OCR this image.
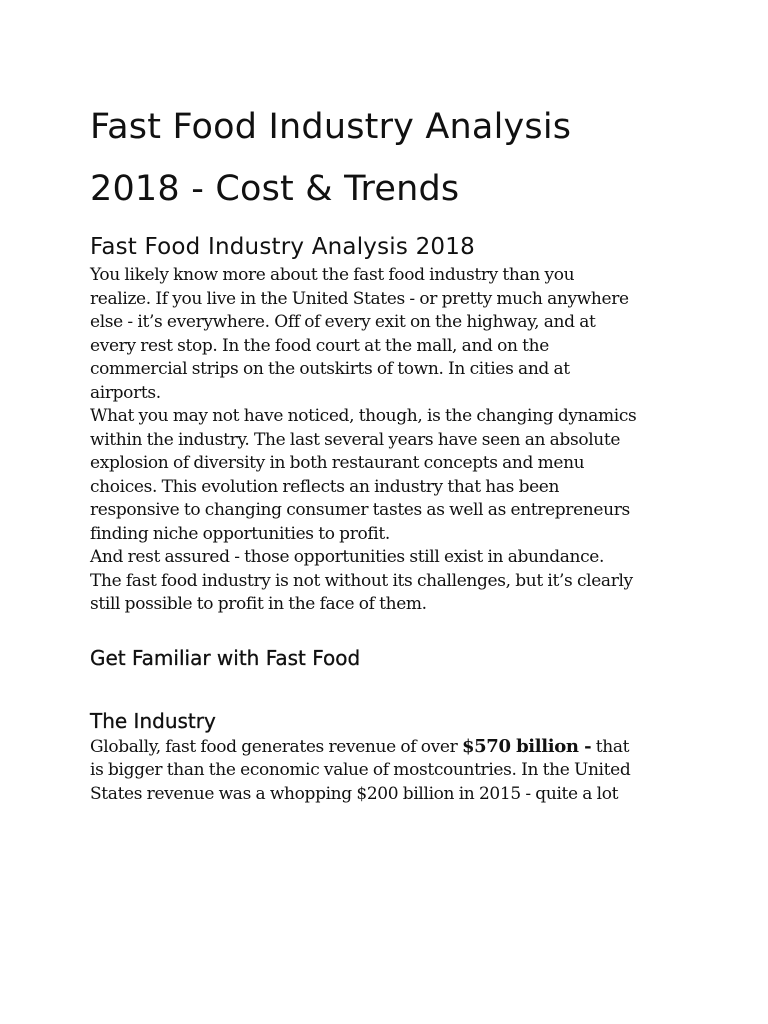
Fast Food Industry Analysis
2018 - Cost & Trends
Fast Food Industry Analysis 2018

You likely know more about the fast food industry than you
realize. If you live in the United States - or pretty much anywhere
else - it’s everywhere. Off of every exit on the highway, and at
every rest stop. In the food court at the mall, and on the
commercial strips on the outskirts of town. In cities and at
airports.

What you may not have noticed, though, is the changing dynamics
within the industry. The last several years have seen an absolute
explosion of diversity in both restaurant concepts and menu
choices. This evolution reflects an industry that has been
responsive to changing consumer tastes as well as entrepreneurs
finding niche opportunities to profit.

And rest assured - those opportunities still exist in abundance.
The fast food industry is not without its challenges, but it’s clearly
still possible to profit in the face of them.

Get Familiar with Fast Food
The Industry

Globally, fast food generates revenue of over $570 billion - that
is bigger than the economic value of mostcountries. In the United
States revenue was a whopping $200 billion in 2015 - quite a lot
